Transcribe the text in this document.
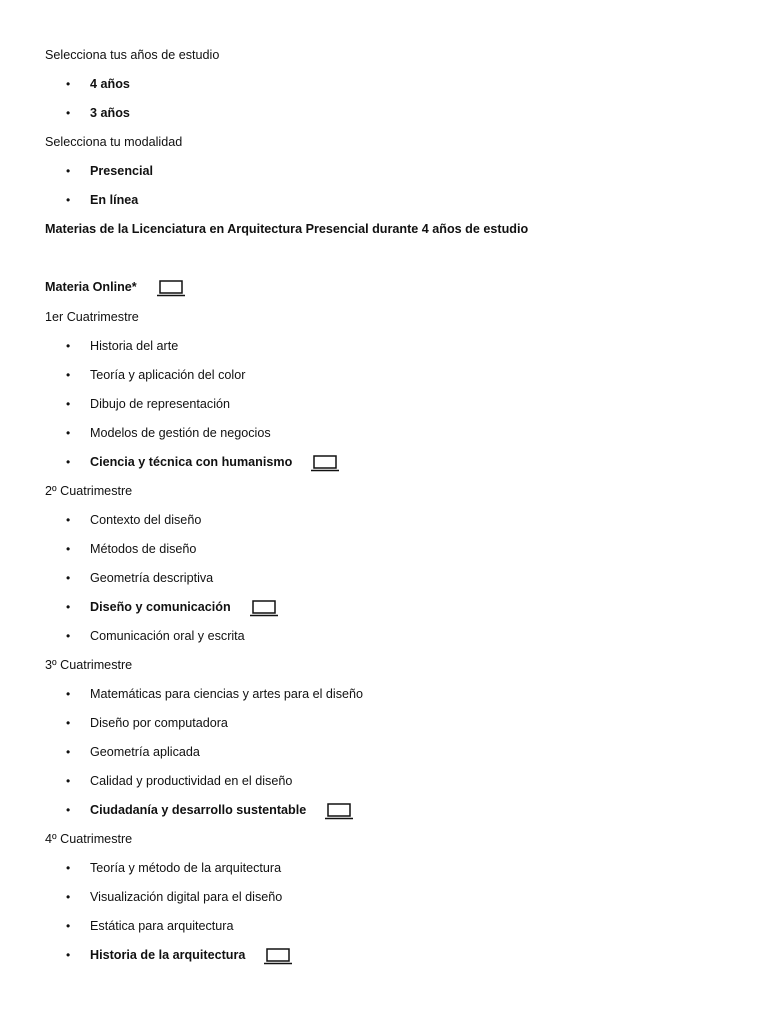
Selecciona tus años de estudio
•	4 años
•	3 años
Selecciona tu modalidad
•	Presencial
•	En línea
Materias de la Licenciatura en Arquitectura Presencial durante 4 años de estudio
Materia Online*
1er Cuatrimestre
•	Historia del arte
•	Teoría y aplicación del color
•	Dibujo de representación
•	Modelos de gestión de negocios
•	Ciencia y técnica con humanismo
2º Cuatrimestre
•	Contexto del diseño
•	Métodos de diseño
•	Geometría descriptiva
•	Diseño y comunicación
•	Comunicación oral y escrita
3º Cuatrimestre
•	Matemáticas para ciencias y artes para el diseño
•	Diseño por computadora
•	Geometría aplicada
•	Calidad y productividad en el diseño
•	Ciudadanía y desarrollo sustentable
4º Cuatrimestre
•	Teoría y método de la arquitectura
•	Visualización digital para el diseño
•	Estática para arquitectura
•	Historia de la arquitectura
